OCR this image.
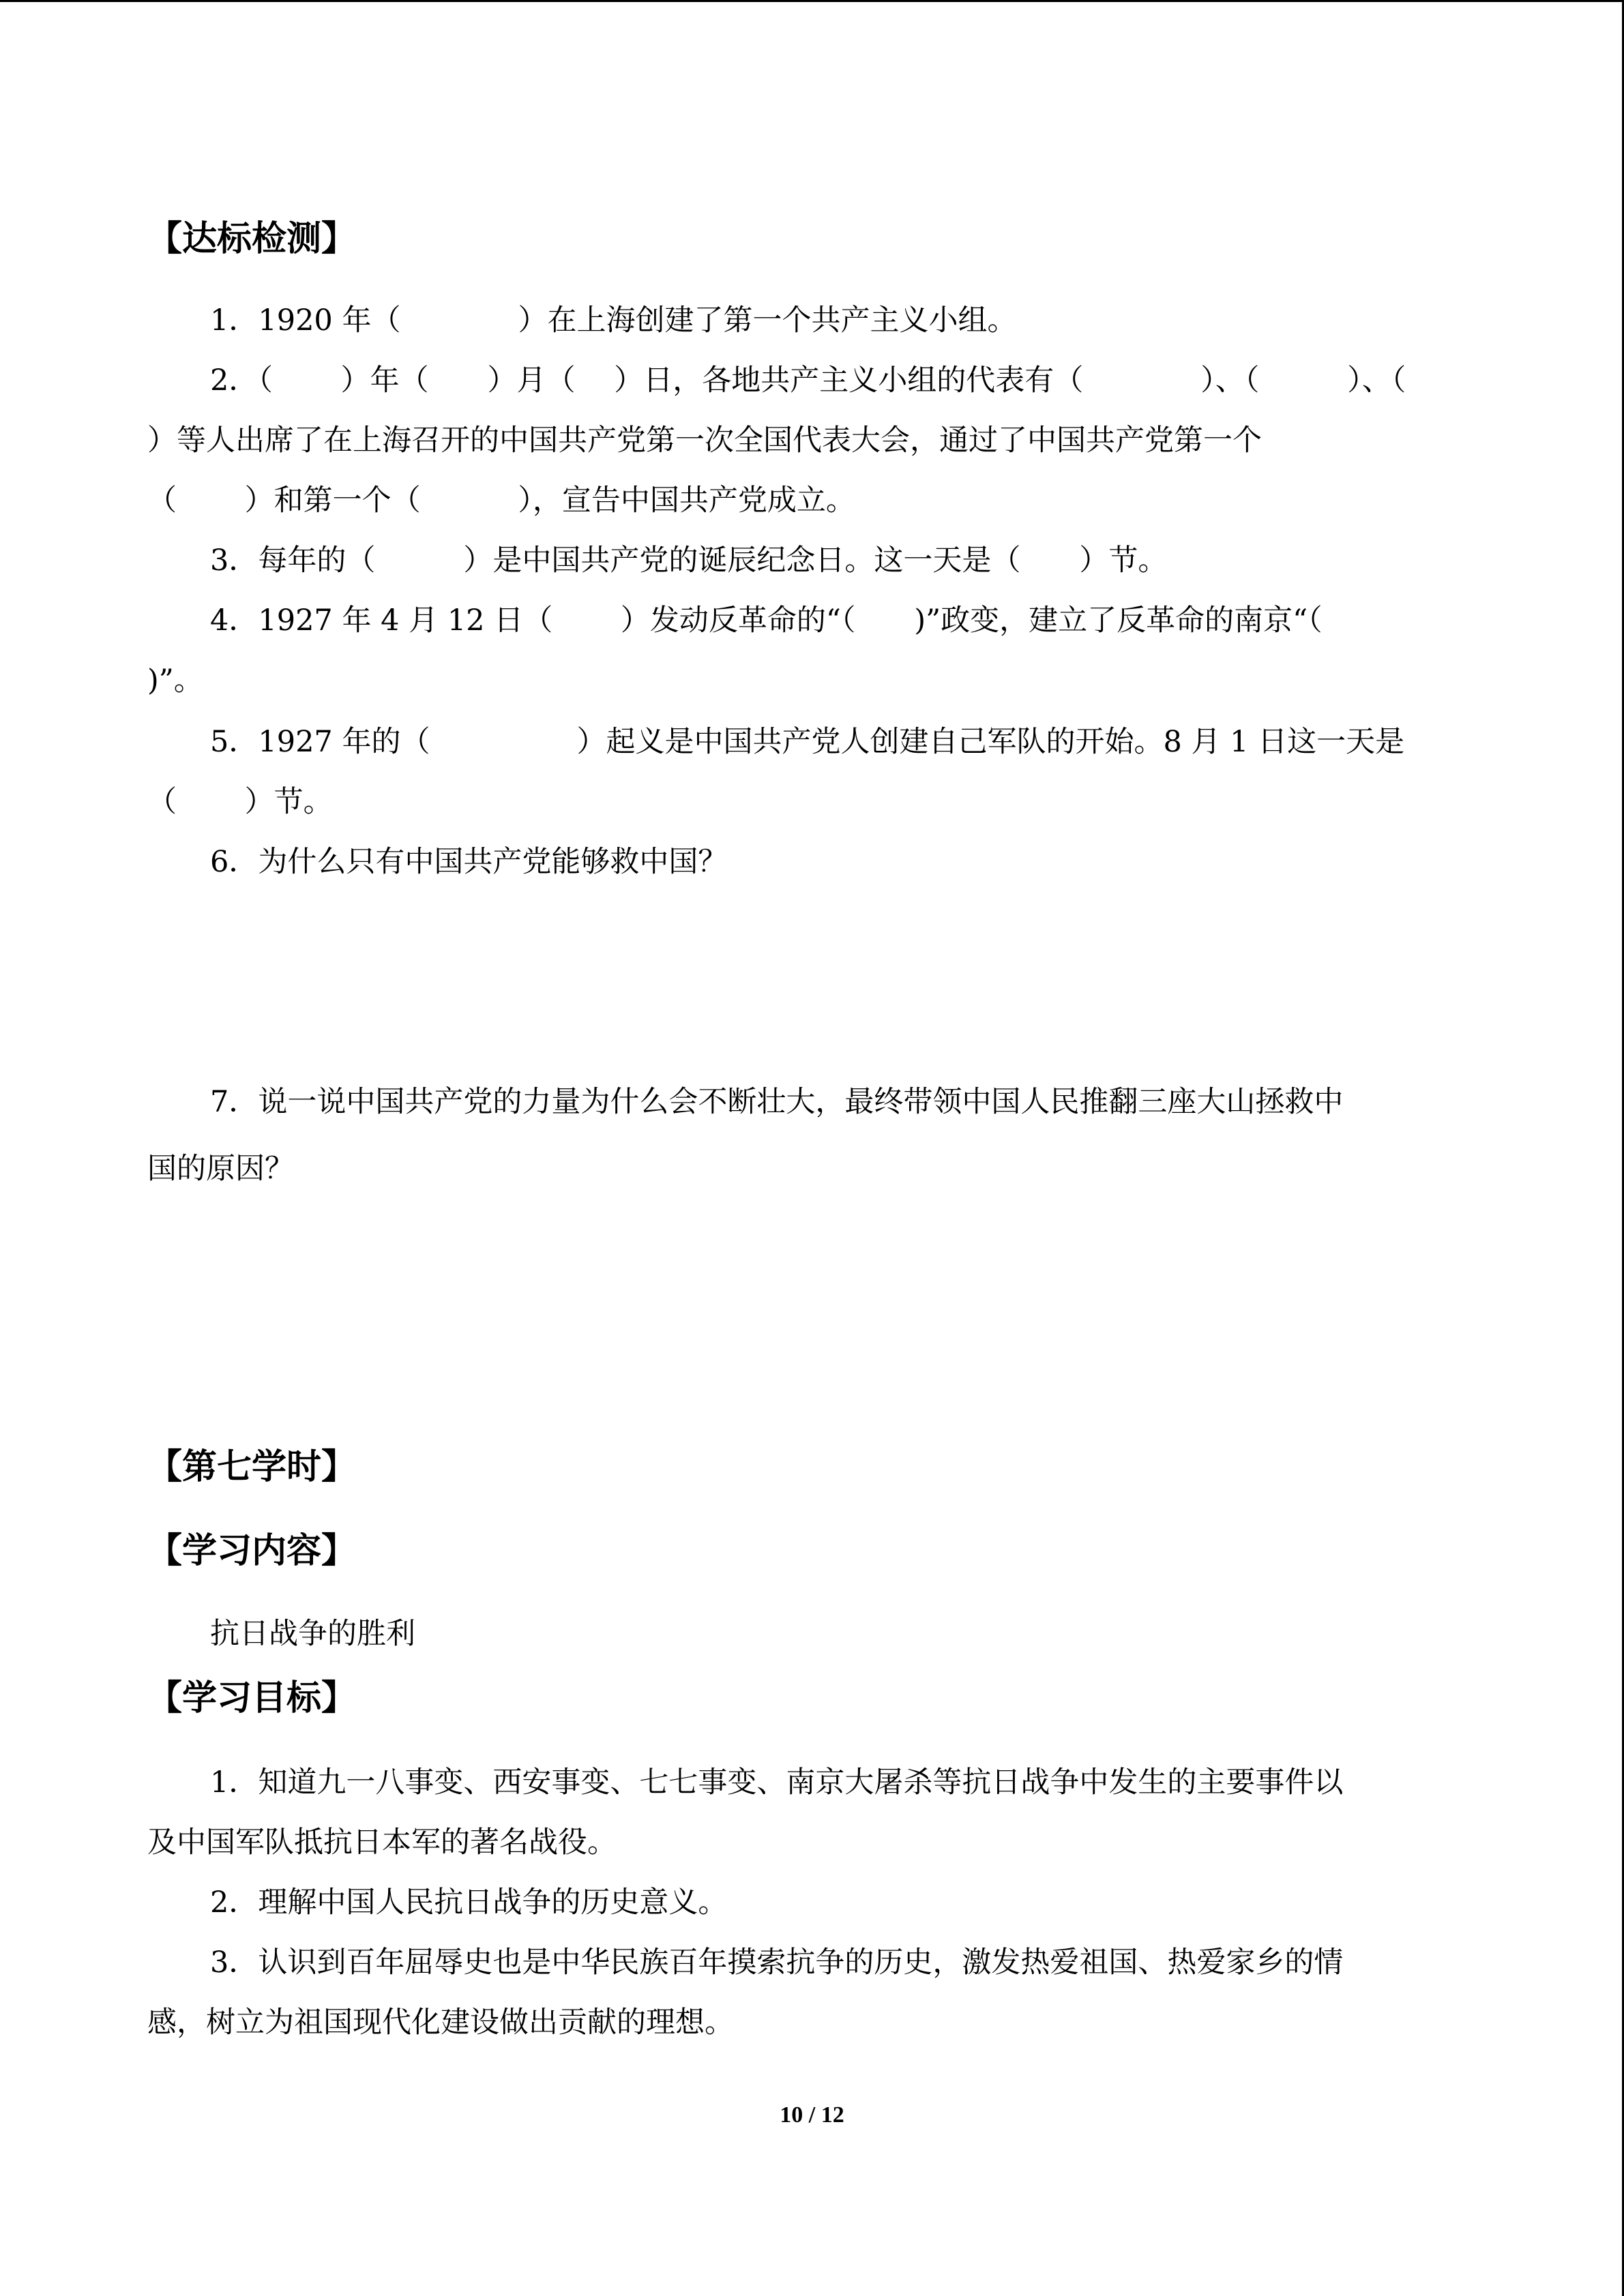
【达标检测】
1．1920 年（　　　　）在上海创建了第一个共产主义小组。
2．（　　 ）年（　　）月（　 ）日，各地共产主义小组的代表有（　　　　）、（　　　）、（
）等人出席了在上海召开的中国共产党第一次全国代表大会，通过了中国共产党第一个
（　　 ）和第一个（　　　 ），宣告中国共产党成立。
3．每年的（　　　）是中国共产党的诞辰纪念日。这一天是（　　）节。
4．1927 年 4 月 12 日（　　 ）发动反革命的“（　　)”政变，建立了反革命的南京“（
)”。
5．1927 年的（　　　　　）起义是中国共产党人创建自己军队的开始。8 月 1 日这一天是
（　　 ）节。
6．为什么只有中国共产党能够救中国？
7．说一说中国共产党的力量为什么会不断壮大，最终带领中国人民推翻三座大山拯救中
国的原因？
【第七学时】
【学习内容】
抗日战争的胜利
【学习目标】
1．知道九一八事变、西安事变、七七事变、南京大屠杀等抗日战争中发生的主要事件以
及中国军队抵抗日本军的著名战役。
2．理解中国人民抗日战争的历史意义。
3．认识到百年屈辱史也是中华民族百年摸索抗争的历史，激发热爱祖国、热爱家乡的情
感，树立为祖国现代化建设做出贡献的理想。
10 / 12
